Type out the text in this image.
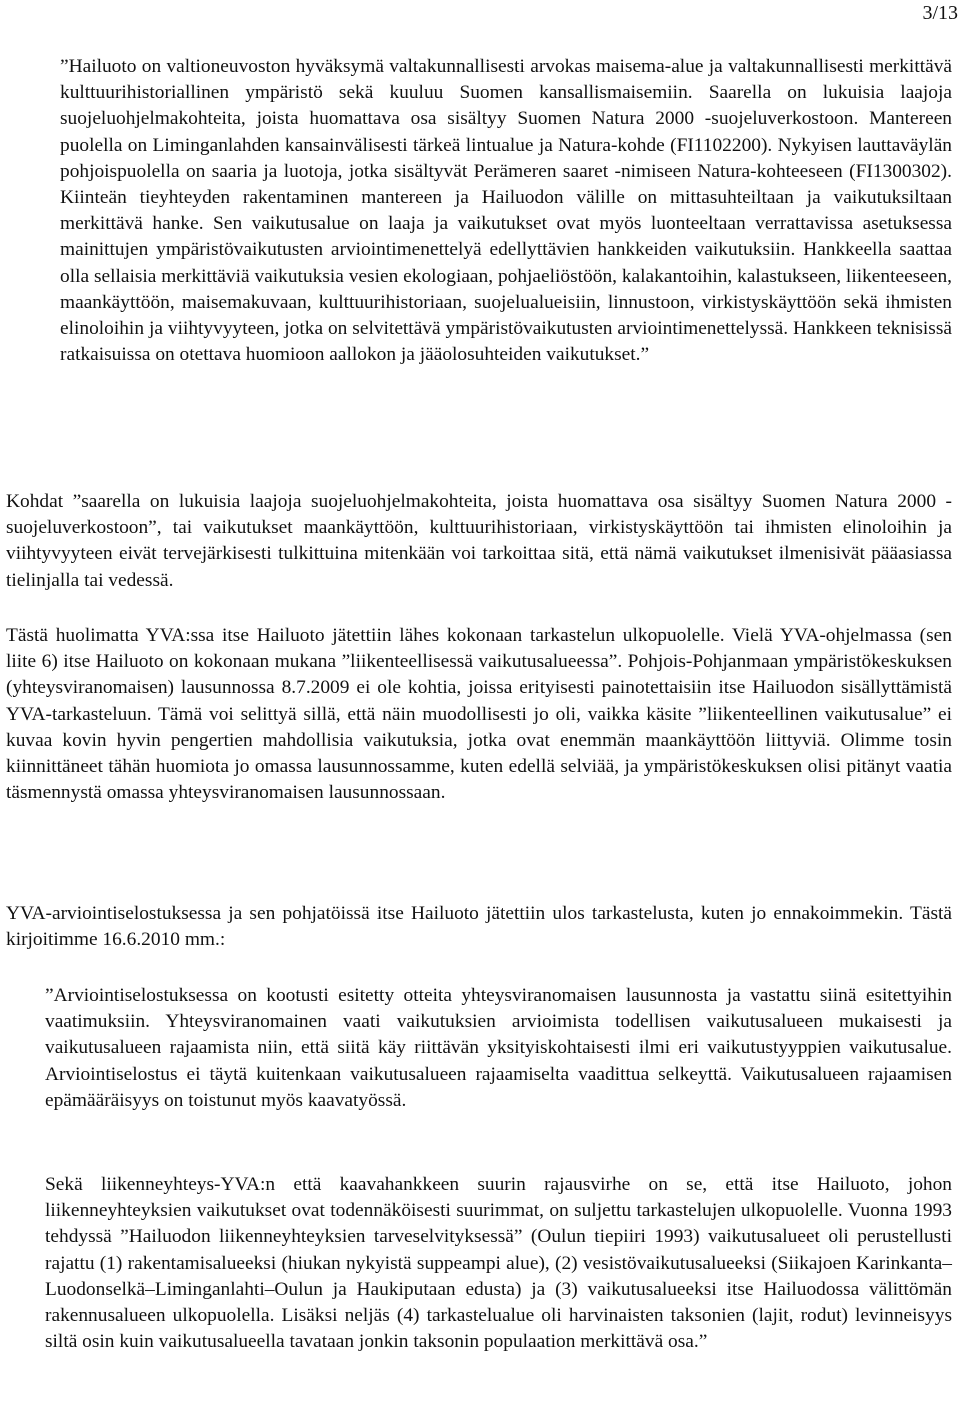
3/13

”Hailuoto on valtioneuvoston hyväksymä valtakunnallisesti arvokas maisema-alue ja valtakunnallisesti merkittävä kulttuurihistoriallinen ympäristö sekä kuuluu Suomen kansallismaisemiin. Saarella on lukuisia laajoja suojeluohjelmakohteita, joista huomattava osa sisältyy Suomen Natura 2000 -suojeluverkostoon. Mantereen puolella on Liminganlahden kansainvälisesti tärkeä lintualue ja Natura-kohde (FI1102200). Nykyisen lauttaväylän pohjoispuolella on saaria ja luotoja, jotka sisältyvät Perämeren saaret -nimiseen Natura-kohteeseen (FI1300302). Kiinteän tieyhteyden rakentaminen mantereen ja Hailuodon välille on mittasuhteiltaan ja vaikutuksiltaan merkittävä hanke. Sen vaikutusalue on laaja ja vaikutukset ovat myös luonteeltaan verrattavissa asetuksessa mainittujen ympäristövaikutusten arviointimenettelyä edellyttävien hankkeiden vaikutuksiin. Hankkeella saattaa olla sellaisia merkittäviä vaikutuksia vesien ekologiaan, pohjaeliöstöön, kalakantoihin, kalastukseen, liikenteeseen, maankäyttöön, maisemakuvaan, kulttuurihistoriaan, suojelualueisiin, linnustoon, virkistyskäyttöön sekä ihmisten elinoloihin ja viihtyvyyteen, jotka on selvitettävä ympäristövaikutusten arviointimenettelyssä. Hankkeen teknisissä ratkaisuissa on otettava huomioon aallokon ja jääolosuhteiden vaikutukset.”

Kohdat ”saarella on lukuisia laajoja suojeluohjelmakohteita, joista huomattava osa sisältyy Suomen Natura 2000 -suojeluverkostoon”, tai vaikutukset maankäyttöön, kulttuurihistoriaan, virkistyskäyttöön tai ihmisten elinoloihin ja viihtyvyyteen eivät tervejärkisesti tulkittuina mitenkään voi tarkoittaa sitä, että nämä vaikutukset ilmenisivät pääasiassa tielinjalla tai vedessä.

Tästä huolimatta YVA:ssa itse Hailuoto jätettiin lähes kokonaan tarkastelun ulkopuolelle. Vielä YVA-ohjelmassa (sen liite 6) itse Hailuoto on kokonaan mukana ”liikenteellisessä vaikutusalueessa”. Pohjois-Pohjanmaan ympäristökeskuksen (yhteysviranomaisen) lausunnossa 8.7.2009 ei ole kohtia, joissa erityisesti painotettaisiin itse Hailuodon sisällyttämistä YVA-tarkasteluun. Tämä voi selittyä sillä, että näin muodollisesti jo oli, vaikka käsite ”liikenteellinen vaikutusalue” ei kuvaa kovin hyvin pengertien mahdollisia vaikutuksia, jotka ovat enemmän maankäyttöön liittyviä. Olimme tosin kiinnittäneet tähän huomiota jo omassa lausunnossamme, kuten edellä selviää, ja ympäristökeskuksen olisi pitänyt vaatia täsmennystä omassa yhteysviranomaisen lausunnossaan.

YVA-arviointiselostuksessa ja sen pohjatöissä itse Hailuoto jätettiin ulos tarkastelusta, kuten jo ennakoimmekin. Tästä kirjoitimme 16.6.2010 mm.:

”Arviointiselostuksessa on kootusti esitetty otteita yhteysviranomaisen lausunnosta ja vastattu siinä esitettyihin vaatimuksiin. Yhteysviranomainen vaati vaikutuksien arvioimista todellisen vaikutusalueen mukaisesti ja vaikutusalueen rajaamista niin, että siitä käy riittävän yksityiskohtaisesti ilmi eri vaikutustyyppien vaikutusalue. Arviointiselostus ei täytä kuitenkaan vaikutusalueen rajaamiselta vaadittua selkeyttä. Vaikutusalueen rajaamisen epämääräisyys on toistunut myös kaavatyössä.

Sekä liikenneyhteys-YVA:n että kaavahankkeen suurin rajausvirhe on se, että itse Hailuoto, johon liikenneyhteyksien vaikutukset ovat todennäköisesti suurimmat, on suljettu tarkastelujen ulkopuolelle. Vuonna 1993 tehdyssä ”Hailuodon liikenneyhteyksien tarveselvityksessä” (Oulun tiepiiri 1993) vaikutusalueet oli perustellusti rajattu (1) rakentamisalueeksi (hiukan nykyistä suppeampi alue), (2) vesistövaikutusalueeksi (Siikajoen Karinkanta–Luodonselkä–Liminganlahti–Oulun ja Haukiputaan edusta) ja (3) vaikutusalueeksi itse Hailuodossa välittömän rakennusalueen ulkopuolella. Lisäksi neljäs (4) tarkastelualue oli harvinaisten taksonien (lajit, rodut) levinneisyys siltä osin kuin vaikutusalueella tavataan jonkin taksonin populaation merkittävä osa.”
